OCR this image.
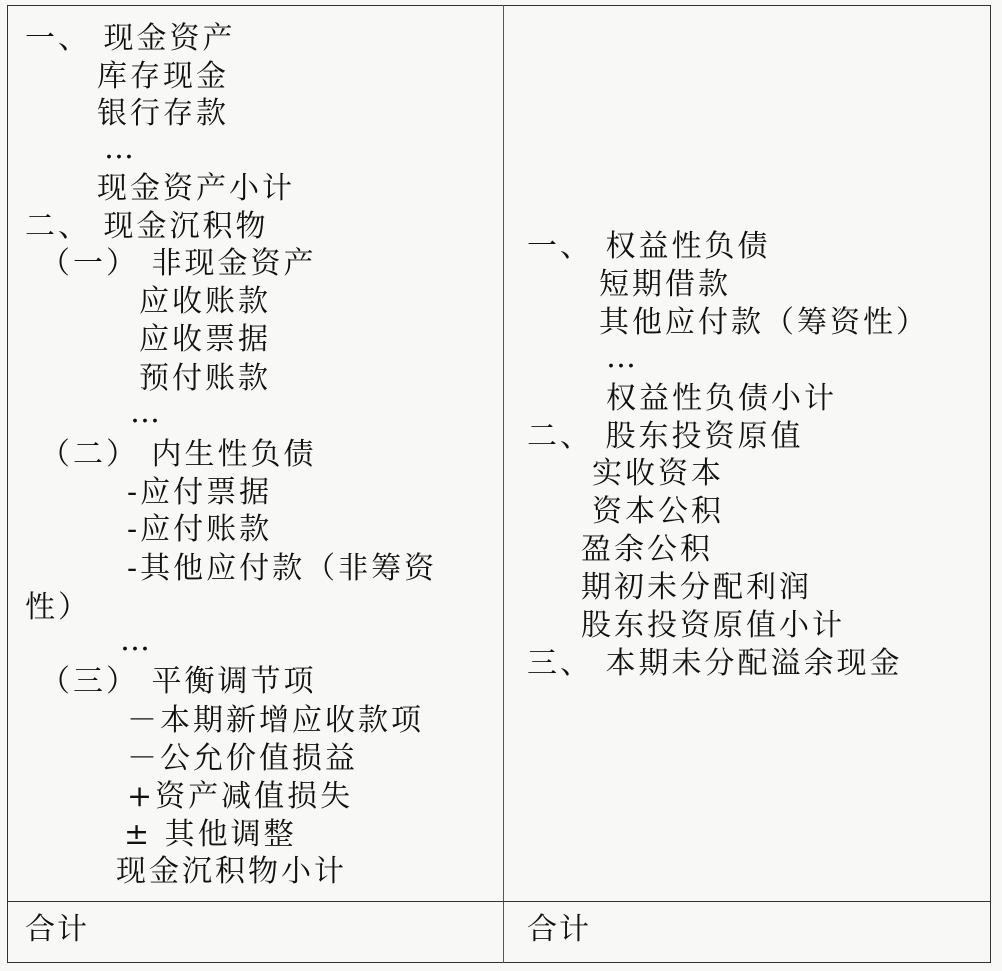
一、 现金资产
库存现金
银行存款
…
现金资产小计
二、 现金沉积物
（一） 非现金资产
应收账款
应收票据
预付账款
…
（二） 内生性负债
-应付票据
-应付账款
-其他应付款（非筹资
性）
…
（三） 平衡调节项
－本期新增应收款项
－公允价值损益
+资产减值损失
± 其他调整
现金沉积物小计
一、 权益性负债
短期借款
其他应付款（筹资性）
…
权益性负债小计
二、 股东投资原值
实收资本
资本公积
盈余公积
期初未分配利润
股东投资原值小计
三、 本期未分配溢余现金
合计	合计
